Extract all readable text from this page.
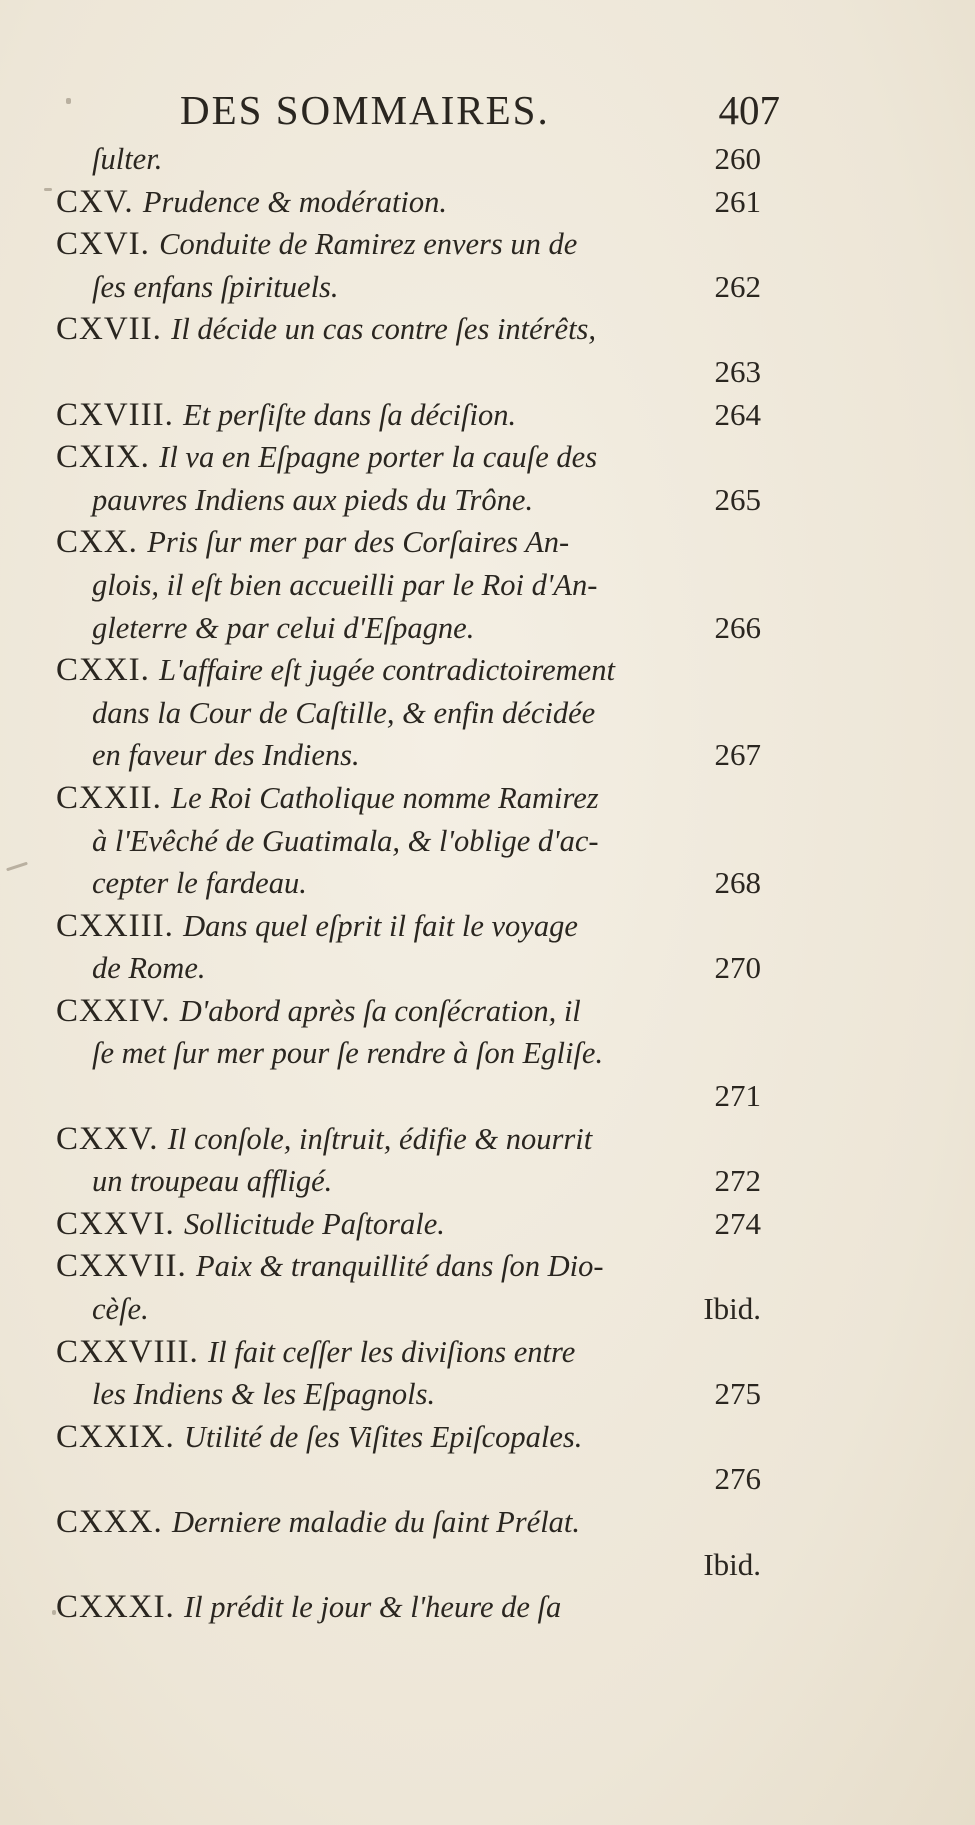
DES SOMMAIRES.	407
ſulter.	260
CXV. Prudence & modération.	261
CXVI. Conduite de Ramirez envers un de
ſes enfans ſpirituels.	262
CXVII. Il décide un cas contre ſes intérêts,
263
CXVIII. Et perſiſte dans ſa déciſion.	264
CXIX. Il va en Eſpagne porter la cauſe des
pauvres Indiens aux pieds du Trône.	265
CXX. Pris ſur mer par des Corſaires An-
glois, il eſt bien accueilli par le Roi d'An-
gleterre & par celui d'Eſpagne.	266
CXXI. L'affaire eſt jugée contradictoirement
dans la Cour de Caſtille, & enfin décidée
en faveur des Indiens.	267
CXXII. Le Roi Catholique nomme Ramirez
à l'Evêché de Guatimala, & l'oblige d'ac-
cepter le fardeau.	268
CXXIII. Dans quel eſprit il fait le voyage
de Rome.	270
CXXIV. D'abord après ſa conſécration, il
ſe met ſur mer pour ſe rendre à ſon Egliſe.
271
CXXV. Il conſole, inſtruit, édifie & nourrit
un troupeau affligé.	272
CXXVI. Sollicitude Paſtorale.	274
CXXVII. Paix & tranquillité dans ſon Dio-
cèſe.	Ibid.
CXXVIII. Il fait ceſſer les diviſions entre
les Indiens & les Eſpagnols.	275
CXXIX. Utilité de ſes Viſites Epiſcopales.
276
CXXX. Derniere maladie du ſaint Prélat.
Ibid.
CXXXI. Il prédit le jour & l'heure de ſa
